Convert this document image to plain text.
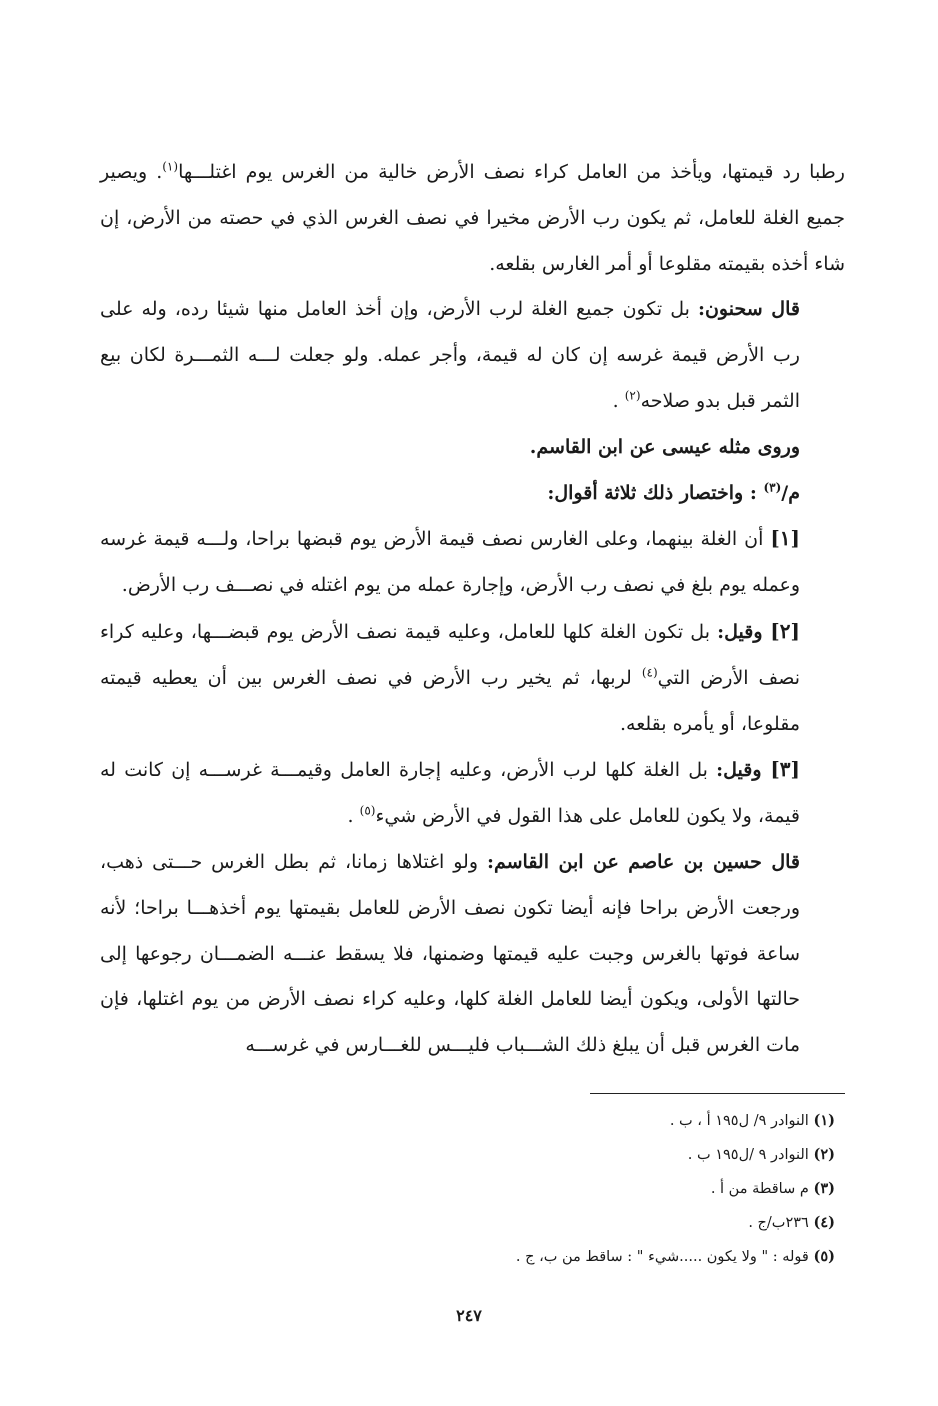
رطبا رد قيمتها، ويأخذ من العامل كراء نصف الأرض خالية من الغرس يوم اغتلـــها$^{(١)}$. ويصير جميع الغلة للعامل، ثم يكون رب الأرض مخيرا في نصف الغرس الذي في حصته من الأرض، إن شاء أخذه بقيمته مقلوعا أو أمر الغارس بقلعه.

قال سحنون: بل تكون جميع الغلة لرب الأرض، وإن أخذ العامل منها شيئا رده، وله على رب الأرض قيمة غرسه إن كان له قيمة، وأجر عمله. ولو جعلت لـــه الثمـــرة لكان بيع الثمر قبل بدو صلاحه$^{(٢)}$ .

وروى مثله عيسى عن ابن القاسم.

م/$^{(٣)}$ : واختصار ذلك ثلاثة أقوال:

[١] أن الغلة بينهما، وعلى الغارس نصف قيمة الأرض يوم قبضها براحا، ولـــه قيمة غرسه وعمله يوم بلغ في نصف رب الأرض، وإجارة عمله من يوم اغتله في نصـــف رب الأرض.

[٢] وقيل: بل تكون الغلة كلها للعامل، وعليه قيمة نصف الأرض يوم قبضـــها، وعليه كراء نصف الأرض التي$^{(٤)}$ لربها، ثم يخير رب الأرض في نصف الغرس بين أن يعطيه قيمته مقلوعا، أو يأمره بقلعه.

[٣] وقيل: بل الغلة كلها لرب الأرض، وعليه إجارة العامل وقيمـــة غرســـه إن كانت له قيمة، ولا يكون للعامل على هذا القول في الأرض شيء$^{(٥)}$ .

قال حسين بن عاصم عن ابن القاسم: ولو اغتلاها زمانا، ثم بطل الغرس حـــتى ذهب، ورجعت الأرض براحا فإنه أيضا تكون نصف الأرض للعامل بقيمتها يوم أخذهـــا براحا؛ لأنه ساعة فوتها بالغرس وجبت عليه قيمتها وضمنها، فلا يسقط عنـــه الضمـــان رجوعها إلى حالتها الأولى، ويكون أيضا للعامل الغلة كلها، وعليه كراء نصف الأرض من يوم اغتلها، فإن مات الغرس قبل أن يبلغ ذلك الشـــباب فليـــس للغـــارس في غرســـه

(١) النوادر ٩/ ل١٩٥ أ ، ب .

(٢) النوادر ٩ /ل١٩٥ ب .

(٣) م ساقطة من أ .

(٤) ٢٣٦ب/ج .

(٥) قوله : " ولا يكون .....شيء " : ساقط من ب، ج .

٢٤٧
